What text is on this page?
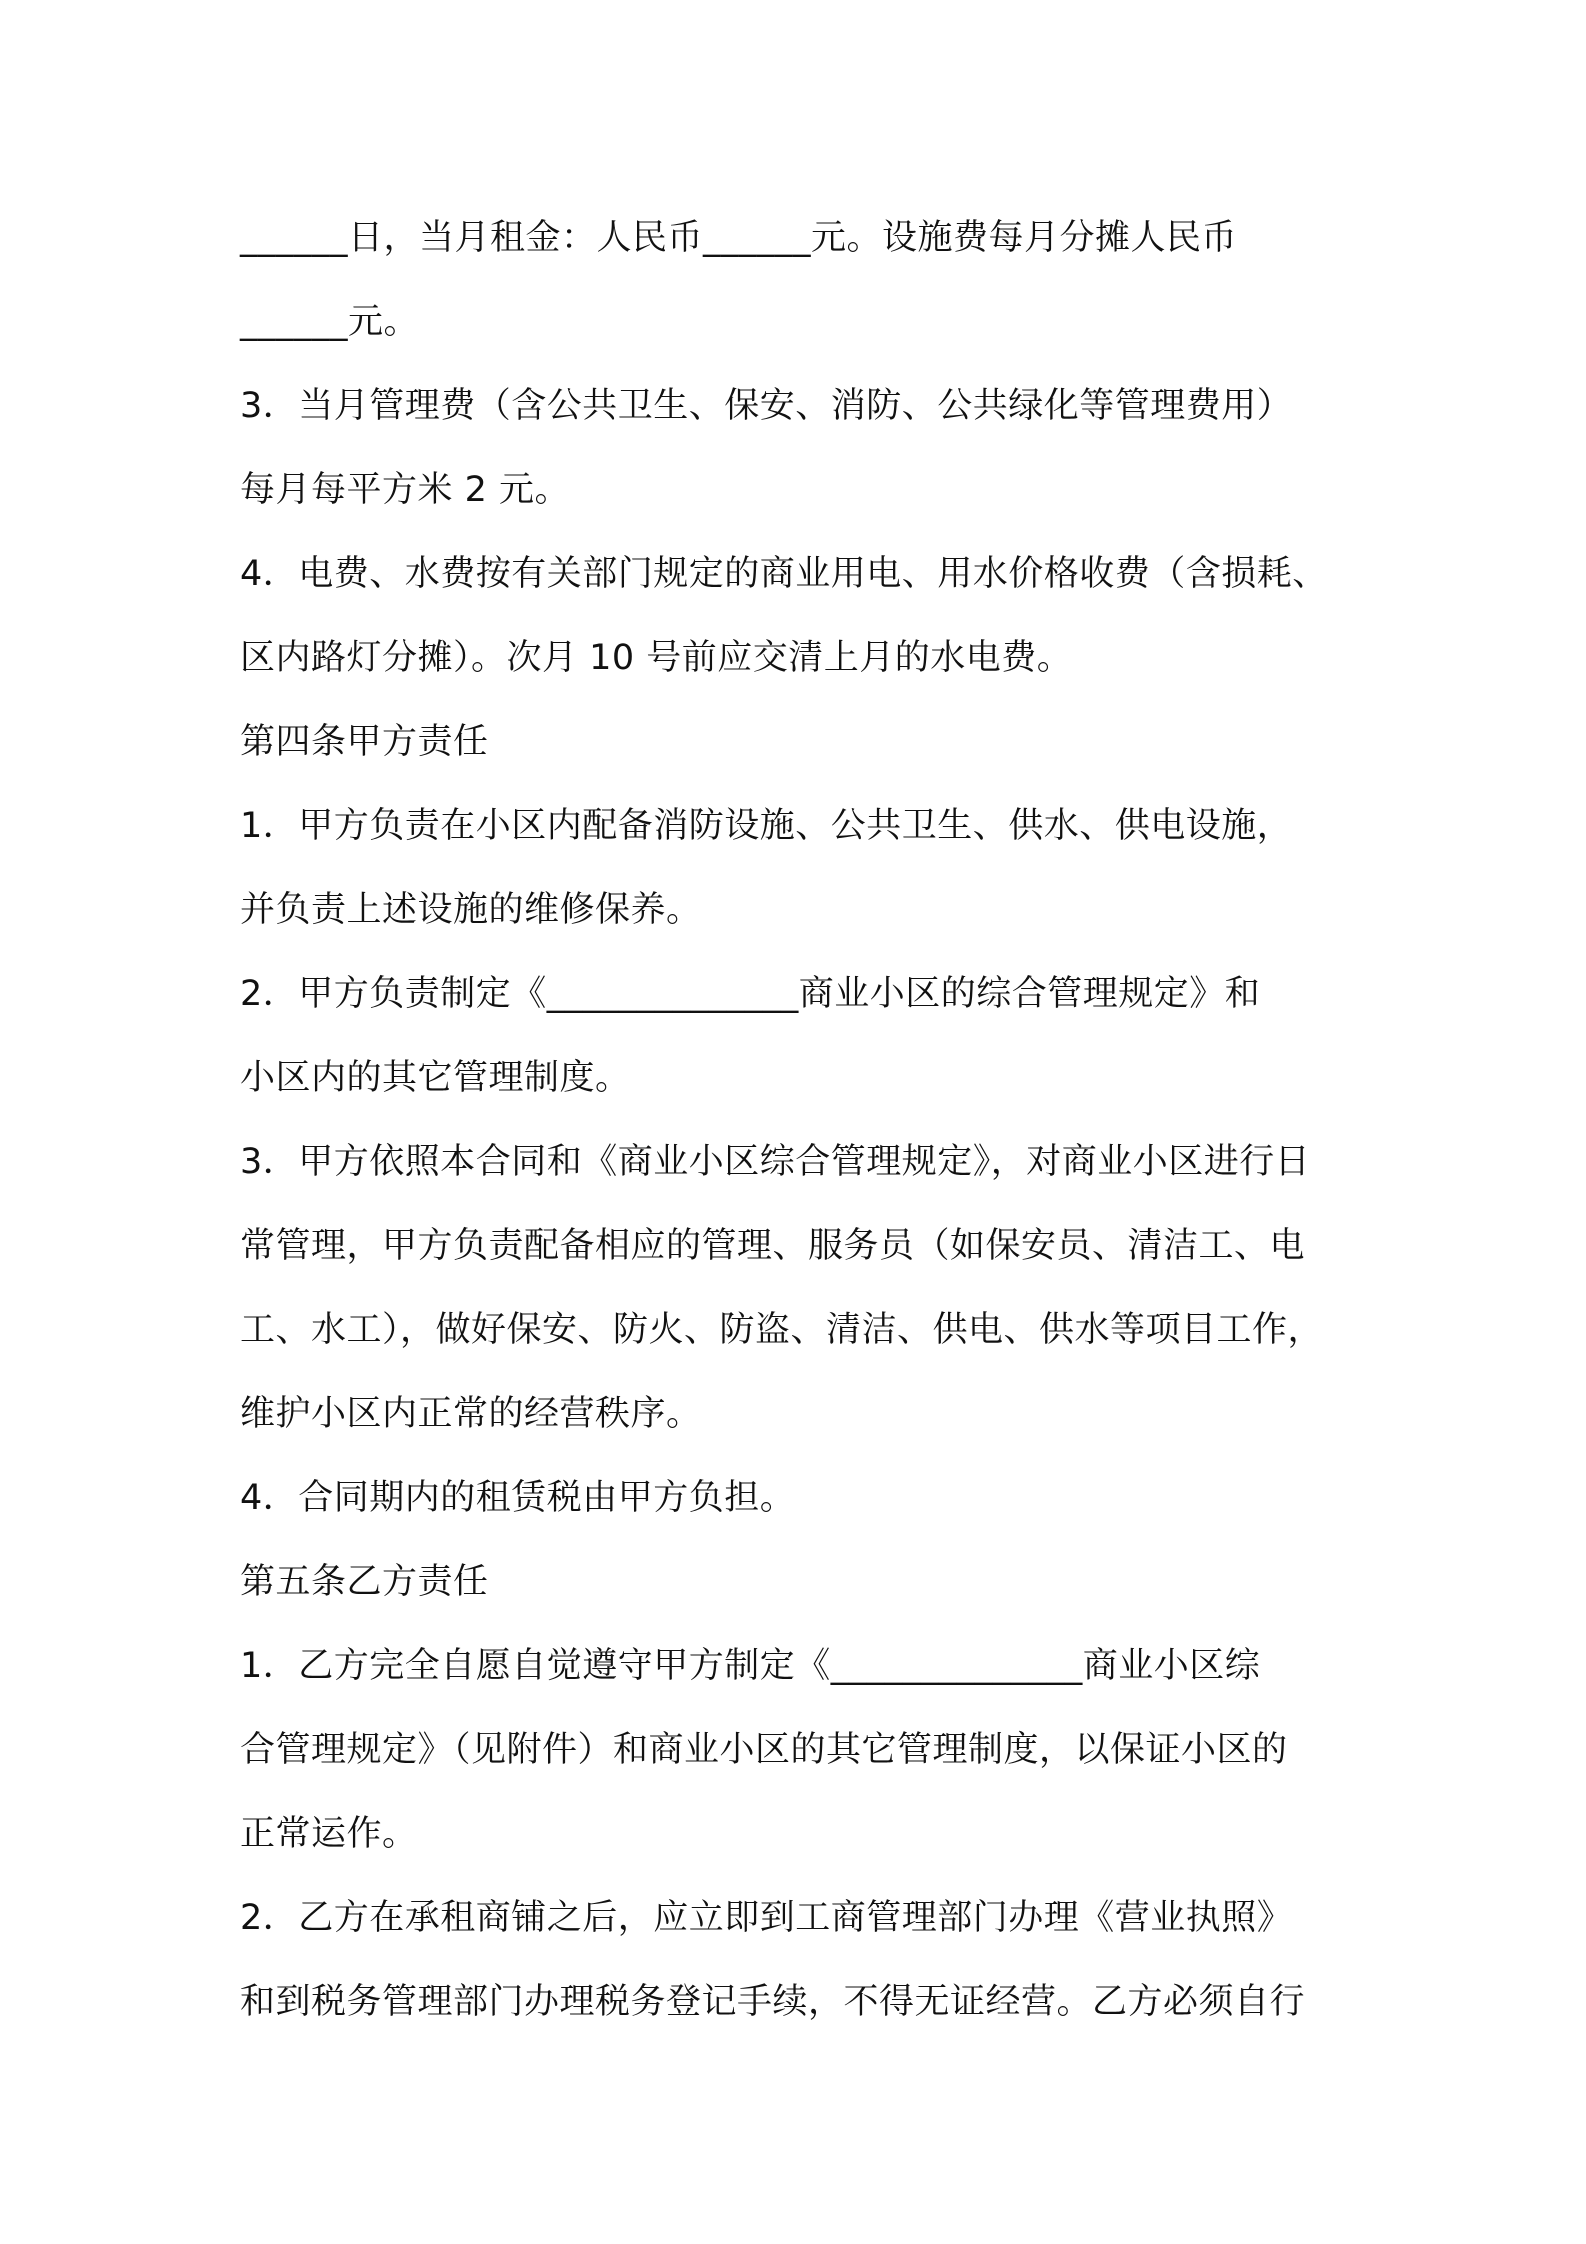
______日，当月租金：人民币______元。设施费每月分摊人民币
______元。
3．当月管理费（含公共卫生、保安、消防、公共绿化等管理费用）
每月每平方米 2 元。
4．电费、水费按有关部门规定的商业用电、用水价格收费（含损耗、
区内路灯分摊）。次月 10 号前应交清上月的水电费。
第四条甲方责任
1．甲方负责在小区内配备消防设施、公共卫生、供水、供电设施，
并负责上述设施的维修保养。
2．甲方负责制定《______________商业小区的综合管理规定》和
小区内的其它管理制度。
3．甲方依照本合同和《商业小区综合管理规定》，对商业小区进行日
常管理，甲方负责配备相应的管理、服务员（如保安员、清洁工、电
工、水工），做好保安、防火、防盗、清洁、供电、供水等项目工作，
维护小区内正常的经营秩序。
4．合同期内的租赁税由甲方负担。
第五条乙方责任
1．乙方完全自愿自觉遵守甲方制定《______________商业小区综
合管理规定》（见附件）和商业小区的其它管理制度，以保证小区的
正常运作。
2．乙方在承租商铺之后，应立即到工商管理部门办理《营业执照》
和到税务管理部门办理税务登记手续，不得无证经营。乙方必须自行
